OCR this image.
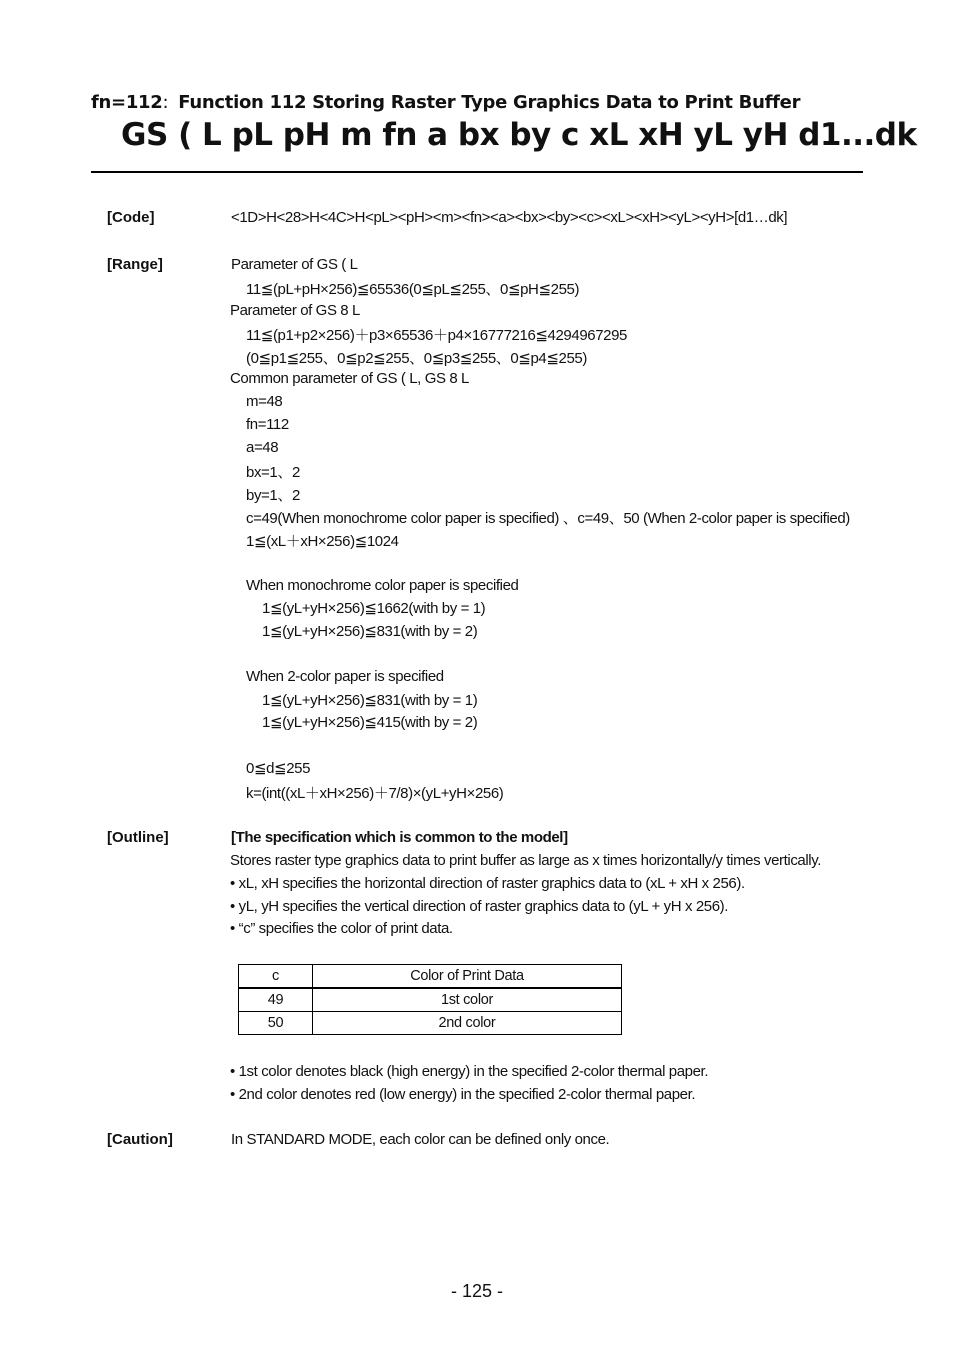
fn=112: Function 112 Storing Raster Type Graphics Data to Print Buffer
GS ( L pL pH m fn a bx by c xL xH yL yH d1...dk
[Code]	<1D>H<28>H<4C>H<pL><pH><m><fn><a><bx><by><c><xL><xH><yL><yH>[d1…dk]
[Range]	Parameter of GS ( L
11≦(pL+pH×256)≦65536(0≦pL≦255、0≦pH≦255)
Parameter of GS 8 L
11≦(p1+p2×256)＋p3×65536＋p4×16777216≦4294967295
(0≦p1≦255、0≦p2≦255、0≦p3≦255、0≦p4≦255)
Common parameter of GS ( L, GS 8 L
m=48
fn=112
a=48
bx=1、2
by=1、2
c=49(When monochrome color paper is specified) 、c=49、50 (When 2-color paper is specified)
1≦(xL＋xH×256)≦1024
When monochrome color paper is specified
1≦(yL+yH×256)≦1662(with by = 1)
1≦(yL+yH×256)≦831(with by = 2)
When 2-color paper is specified
1≦(yL+yH×256)≦831(with by = 1)
1≦(yL+yH×256)≦415(with by = 2)
0≦d≦255
k=(int((xL＋xH×256)＋7/8)×(yL+yH×256)
[Outline]	[The specification which is common to the model]
Stores raster type graphics data to print buffer as large as x times horizontally/y times vertically.
• xL, xH specifies the horizontal direction of raster graphics data to (xL + xH x 256).
• yL, yH specifies the vertical direction of raster graphics data to (yL + yH x 256).
• “c” specifies the color of print data.
c	Color of Print Data
49	1st color
50	2nd color
• 1st color denotes black (high energy) in the specified 2-color thermal paper.
• 2nd color denotes red (low energy) in the specified 2-color thermal paper.
[Caution]	In STANDARD MODE, each color can be defined only once.
- 125 -
